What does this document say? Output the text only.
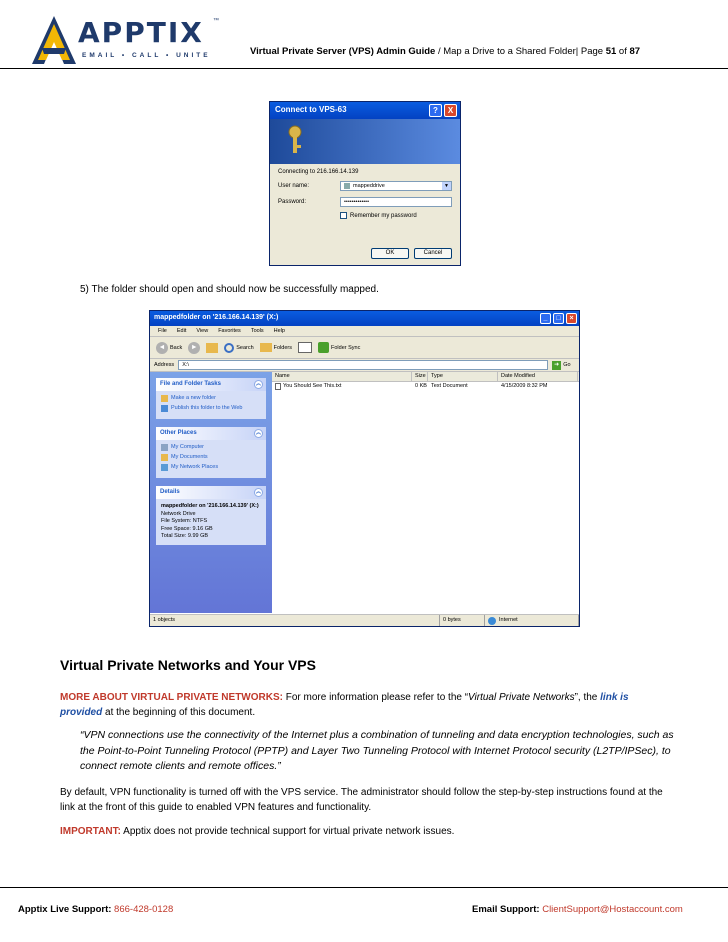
APPTIX ™
EMAIL • CALL • UNITE	Virtual Private Server (VPS) Admin Guide / Map a Drive to a Shared Folder| Page 51 of 87
Connect to VPS-63	?	X
Connecting to 216.166.14.139
User name:	mappeddrive	▼
Password:	•••••••••••••
Remember my password
OK	Cancel
5) The folder should open and should now be successfully mapped.
mappedfolder on '216.166.14.139' (X:)	_	□	×
File Edit View Favorites Tools Help
◄ Back	►	Search	Folders	Folder Sync
Address	X:\	➜ Go
File and Folder Tasks	︽
Make a new folder
Publish this folder to the Web
Other Places	︽
My Computer
My Documents
My Network Places
Details	︽
mappedfolder on '216.166.14.139' (X:)
Network Drive
File System: NTFS
Free Space: 9.16 GB
Total Size: 9.99 GB
Name	Size Type	Date Modified
You Should See This.txt	0 KB Text Document	4/15/2009 8:32 PM
1 objects	0 bytes	Internet
Virtual Private Networks and Your VPS
MORE ABOUT VIRTUAL PRIVATE NETWORKS: For more information please refer to the “Virtual Private Networks”, the link is provided at the beginning of this document.
“VPN connections use the connectivity of the Internet plus a combination of tunneling and data encryption technologies, such as the Point-to-Point Tunneling Protocol (PPTP) and Layer Two Tunneling Protocol with Internet Protocol security (L2TP/IPSec), to connect remote clients and remote offices.”
By default, VPN functionality is turned off with the VPS service. The administrator should follow the step-by-step instructions found at the link at the front of this guide to enabled VPN features and functionality.
IMPORTANT: Apptix does not provide technical support for virtual private network issues.
Apptix Live Support: 866-428-0128	Email Support: ClientSupport@Hostaccount.com
